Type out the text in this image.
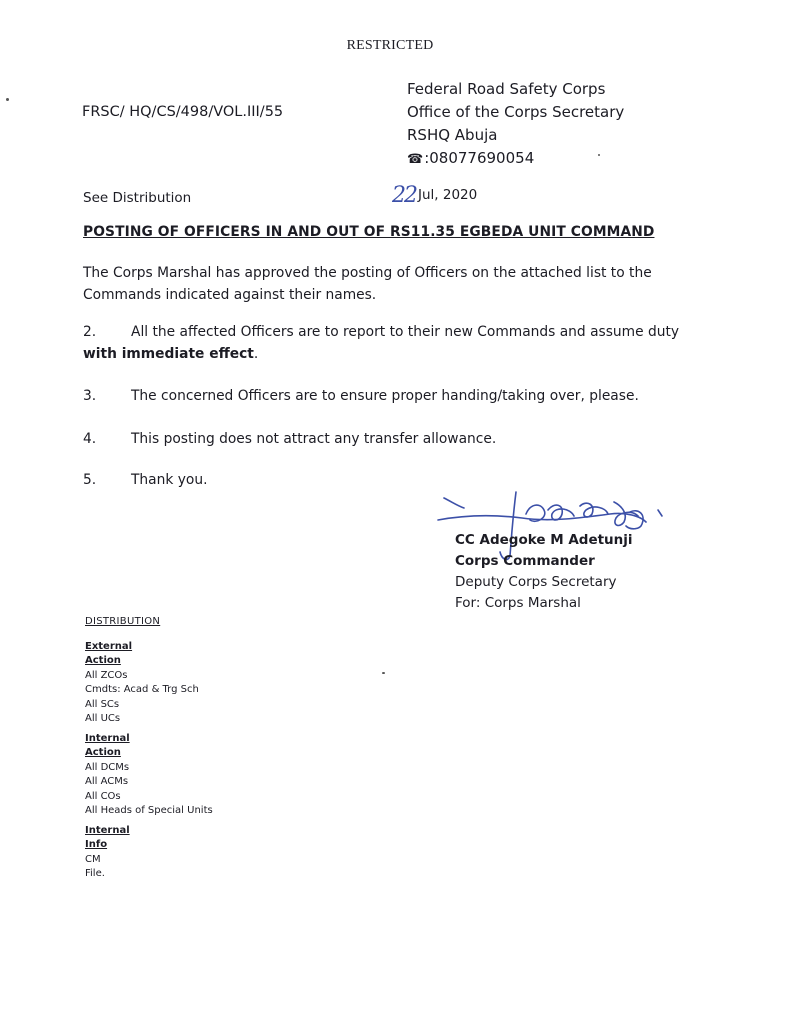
RESTRICTED
FRSC/ HQ/CS/498/VOL.III/55
Federal Road Safety Corps
Office of the Corps Secretary
RSHQ Abuja
☎:08077690054
See Distribution	22 Jul, 2020
POSTING OF OFFICERS IN AND OUT OF RS11.35 EGBEDA UNIT COMMAND
The Corps Marshal has approved the posting of Officers on the attached list to the Commands indicated against their names.
2.	All the affected Officers are to report to their new Commands and assume duty with immediate effect.
3.	The concerned Officers are to ensure proper handing/taking over, please.
4.	This posting does not attract any transfer allowance.
5.	Thank you.
CC Adegoke M Adetunji
Corps Commander
Deputy Corps Secretary
For: Corps Marshal
DISTRIBUTION
External
Action
All ZCOs
Cmdts: Acad & Trg Sch
All SCs
All UCs
Internal
Action
All DCMs
All ACMs
All COs
All Heads of Special Units
Internal
Info
CM
File.
